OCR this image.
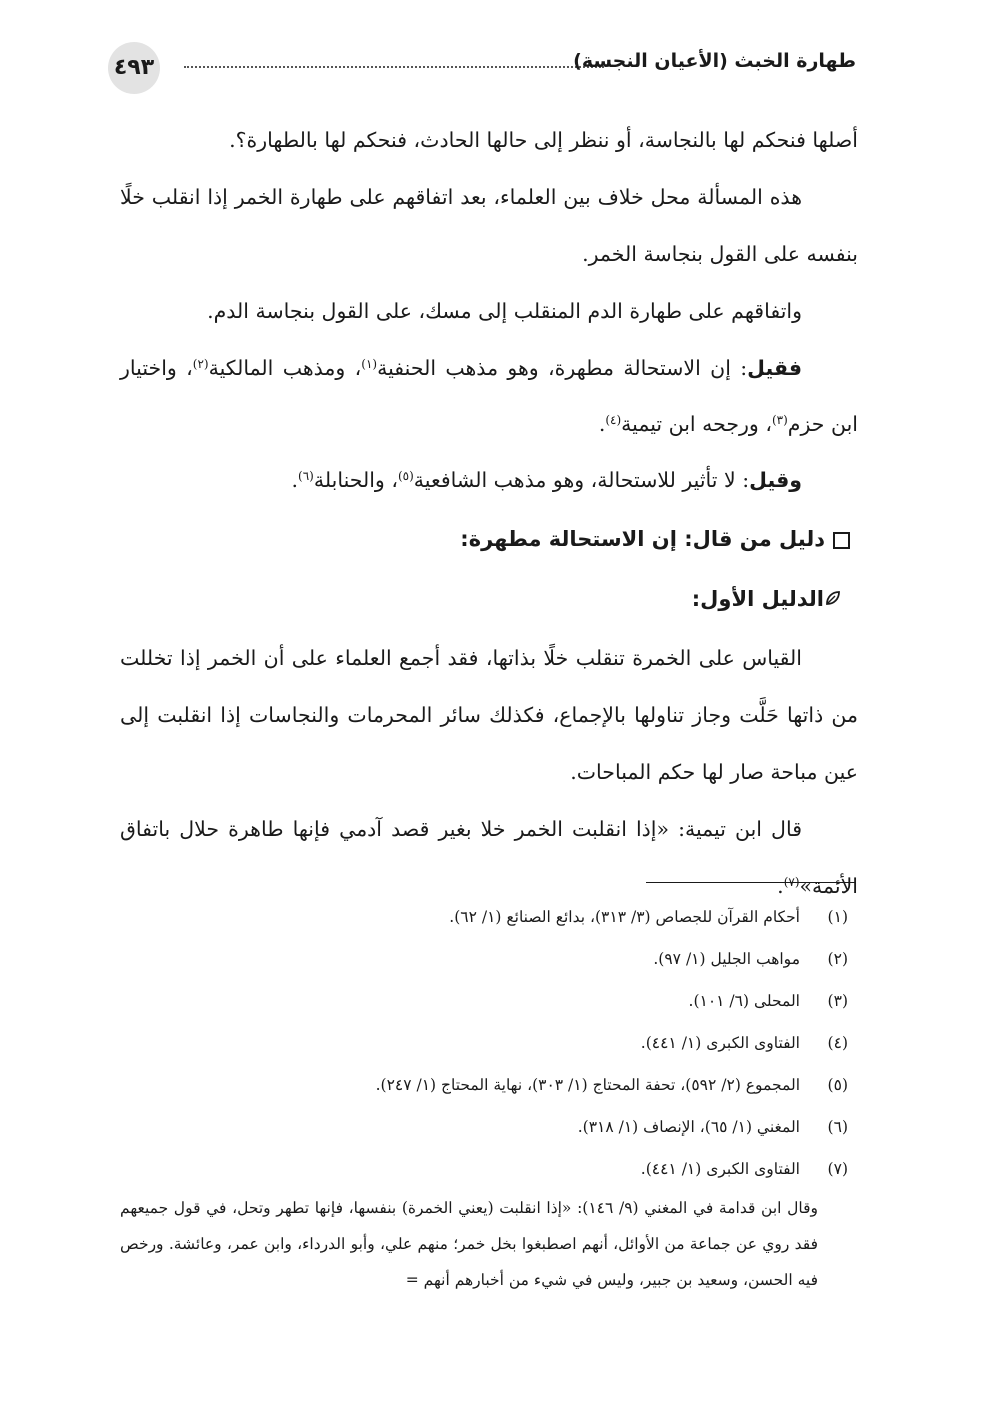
٤٩٣	طهارة الخبث (الأعيان النجسة)

أصلها فنحكم لها بالنجاسة، أو ننظر إلى حالها الحادث، فنحكم لها بالطهارة؟.

هذه المسألة محل خلاف بين العلماء، بعد اتفاقهم على طهارة الخمر إذا انقلب خلًا بنفسه على القول بنجاسة الخمر.

واتفاقهم على طهارة الدم المنقلب إلى مسك، على القول بنجاسة الدم.

فقيل: إن الاستحالة مطهرة، وهو مذهب الحنفية$^{(١)}$، ومذهب المالكية$^{(٢)}$، واختيار ابن حزم$^{(٣)}$، ورجحه ابن تيمية$^{(٤)}$.

وقيل: لا تأثير للاستحالة، وهو مذهب الشافعية$^{(٥)}$، والحنابلة$^{(٦)}$.

دليل من قال: إن الاستحالة مطهرة:

الدليل الأول:

القياس على الخمرة تنقلب خلًا بذاتها، فقد أجمع العلماء على أن الخمر إذا تخللت من ذاتها حَلَّت وجاز تناولها بالإجماع، فكذلك سائر المحرمات والنجاسات إذا انقلبت إلى عين مباحة صار لها حكم المباحات.

قال ابن تيمية: «إذا انقلبت الخمر خلا بغير قصد آدمي فإنها طاهرة حلال باتفاق الأئمة»$^{(٧)}$.

(١)أحكام القرآن للجصاص (٣/ ٣١٣)، بدائع الصنائع (١/ ٦٢).

(٢)مواهب الجليل (١/ ٩٧).

(٣)المحلى (٦/ ١٠١).

(٤)الفتاوى الكبرى (١/ ٤٤١).

(٥)المجموع (٢/ ٥٩٢)، تحفة المحتاج (١/ ٣٠٣)، نهاية المحتاج (١/ ٢٤٧).

(٦)المغني (١/ ٦٥)، الإنصاف (١/ ٣١٨).

(٧)الفتاوى الكبرى (١/ ٤٤١).

وقال ابن قدامة في المغني (٩/ ١٤٦): «إذا انقلبت (يعني الخمرة) بنفسها، فإنها تطهر وتحل، في قول جميعهم فقد روي عن جماعة من الأوائل، أنهم اصطبغوا بخل خمر؛ منهم علي، وأبو الدرداء، وابن عمر، وعائشة. ورخص فيه الحسن، وسعيد بن جبير، وليس في شيء من أخبارهم أنهم =
